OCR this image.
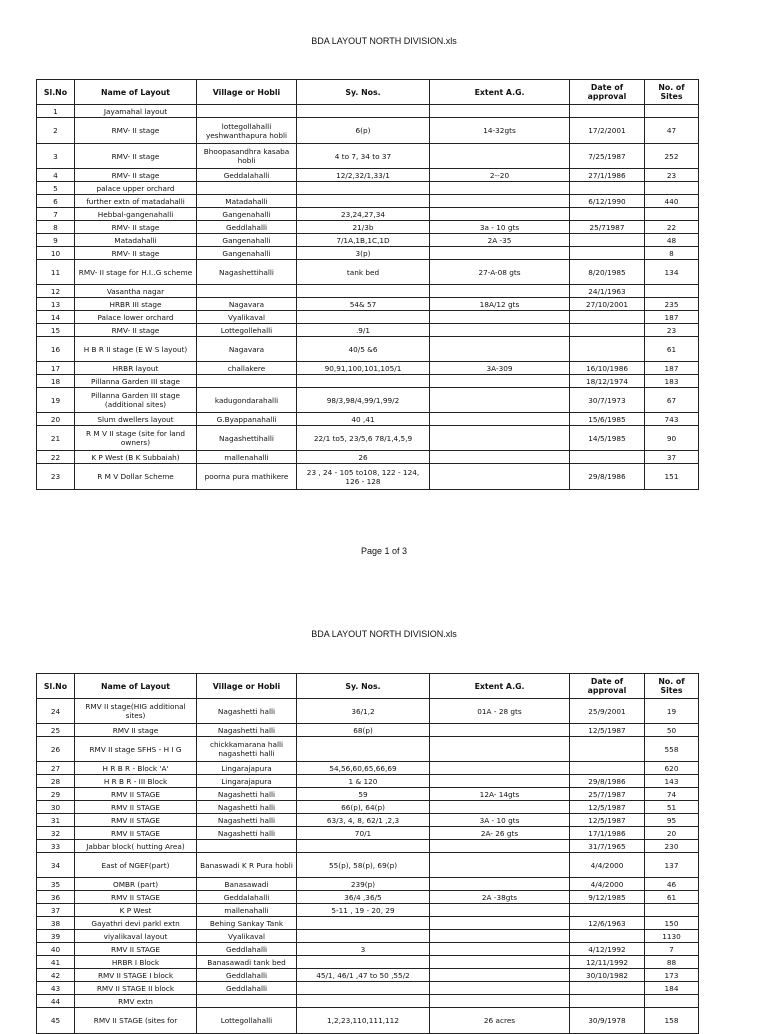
BDA LAYOUT NORTH DIVISION.xls
Sl.No	Name of Layout	Village or Hobli	Sy. Nos.	Extent A.G.	Date of approval	No. of Sites
1	Jayamahal layout					
2	RMV- II stage	lottegollahalli yeshwanthapura hobli	6(p)	14-32gts	17/2/2001	47
3	RMV- II stage	Bhoopasandhra kasaba hobli	4 to 7, 34 to 37		7/25/1987	252
4	RMV- II stage	Geddalahalli	12/2,32/1,33/1	2--20	27/1/1986	23
5	palace upper orchard					
6	further extn of matadahalli	Matadahalli			6/12/1990	440
7	Hebbal-gangenahalli	Gangenahalli	23,24,27,34			
8	RMV- II stage	Geddlahalli	21/3b	3a - 10 gts	25/71987	22
9	Matadahalli	Gangenahalli	7/1A,1B,1C,1D	2A -35		48
10	RMV- II stage	Gangenahalli	3(p)			8
11	RMV- II stage for H.I..G scheme	Nagashettihalli	tank bed	27-A-08 gts	8/20/1985	134
12	Vasantha nagar				24/1/1963	
13	HRBR III stage	Nagavara	54& 57	18A/12 gts	27/10/2001	235
14	Palace lower orchard	Vyalikaval				187
15	RMV- II stage	Lottegollehalli	.9/1			23
16	H B R II stage (E W S layout)	Nagavara	40/5 &6			61
17	HRBR layout	challakere	90,91,100,101,105/1	3A-309	16/10/1986	187
18	Pillanna Garden III stage				18/12/1974	183
19	Pillanna Garden III stage (additional sites)	kadugondarahalli	98/3,98/4,99/1,99/2		30/7/1973	67
20	Slum dwellers layout	G.Byappanahalli	40 ,41		15/6/1985	743
21	R M V II stage (site for land owners)	Nagashettihalli	22/1 to5, 23/5,6 78/1,4,5,9		14/5/1985	90
22	K P West (B K Subbaiah)	mallenahalli	26			37
23	R M V Dollar Scheme	poorna pura mathikere	23 , 24 - 105 to108, 122 - 124, 126 - 128		29/8/1986	151
Page 1 of 3
BDA LAYOUT NORTH DIVISION.xls
Sl.No	Name of Layout	Village or Hobli	Sy. Nos.	Extent A.G.	Date of approval	No. of Sites
24	RMV II stage(HIG additional sites)	Nagashetti halli	36/1,2	01A - 28 gts	25/9/2001	19
25	RMV II stage	Nagashetti halli	68(p)		12/5/1987	50
26	RMV II stage SFHS - H I G	chickkamarana halli nagashetti halli				558
27	H R B R - Block 'A'	Lingarajapura	54,56,60,65,66,69			620
28	H R B R - III Block	Lingarajapura	1 & 120		29/8/1986	143
29	RMV II STAGE	Nagashetti halli	59	12A- 14gts	25/7/1987	74
30	RMV II STAGE	Nagashetti halli	66(p), 64(p)		12/5/1987	51
31	RMV II STAGE	Nagashetti halli	63/3, 4, 8, 62/1 ,2,3	3A - 10 gts	12/5/1987	95
32	RMV II STAGE	Nagashetti halli	70/1	2A- 26 gts	17/1/1986	20
33	Jabbar block( hutting Area)				31/7/1965	230
34	East of NGEF(part)	Banaswadi K R Pura hobli	55(p), 58(p), 69(p)		4/4/2000	137
35	OMBR (part)	Banasawadi	239(p)		4/4/2000	46
36	RMV II STAGE	Geddalahalli	36/4 ,36/5	2A -38gts	9/12/1985	61
37	K P West	mallenahalli	5-11 , 19 - 20, 29			
38	Gayathri devi parkl extn	Behing Sankay Tank			12/6/1963	150
39	viyalikaval layout	Vyalikaval				1130
40	RMV II STAGE	Geddlahalli	3		4/12/1992	7
41	HRBR I Block	Banasawadi tank bed			12/11/1992	88
42	RMV II STAGE I block	Geddlahalli	45/1, 46/1 ,47 to 50 ,55/2		30/10/1982	173
43	RMV II STAGE II block	Geddlahalli				184
44	RMV extn					
45	RMV II STAGE (sites for	Lottegollahalli	1,2,23,110,111,112	26 acres	30/9/1978	158
